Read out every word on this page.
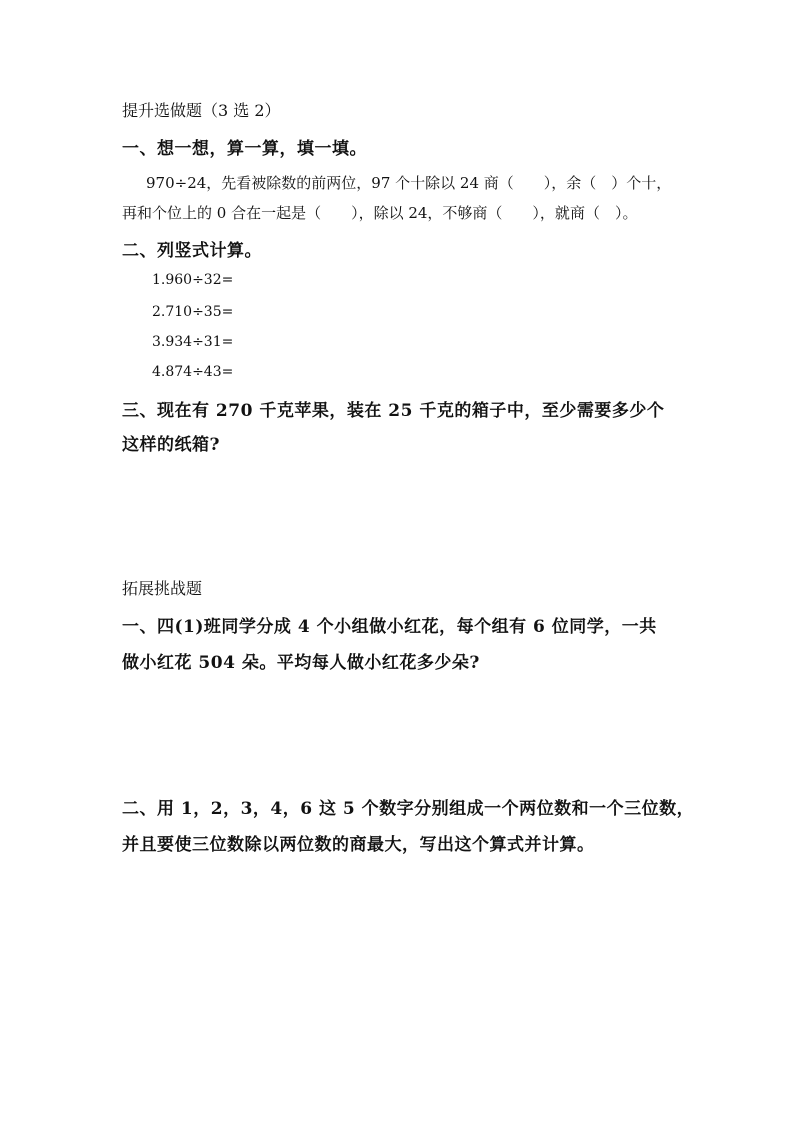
提升选做题（3 选 2）
一、想一想，算一算，填一填。
970÷24，先看被除数的前两位，97 个十除以 24 商（　　），余（　）个十，
再和个位上的 0 合在一起是（　　），除以 24，不够商（　　），就商（　）。
二、列竖式计算。
1.960÷32=
2.710÷35=
3.934÷31=
4.874÷43=
三、现在有 270 千克苹果，装在 25 千克的箱子中，至少需要多少个
这样的纸箱?
拓展挑战题
一、四(1)班同学分成 4 个小组做小红花，每个组有 6 位同学，一共
做小红花 504 朵。平均每人做小红花多少朵?
二、用 1，2，3，4，6 这 5 个数字分别组成一个两位数和一个三位数，
并且要使三位数除以两位数的商最大，写出这个算式并计算。
